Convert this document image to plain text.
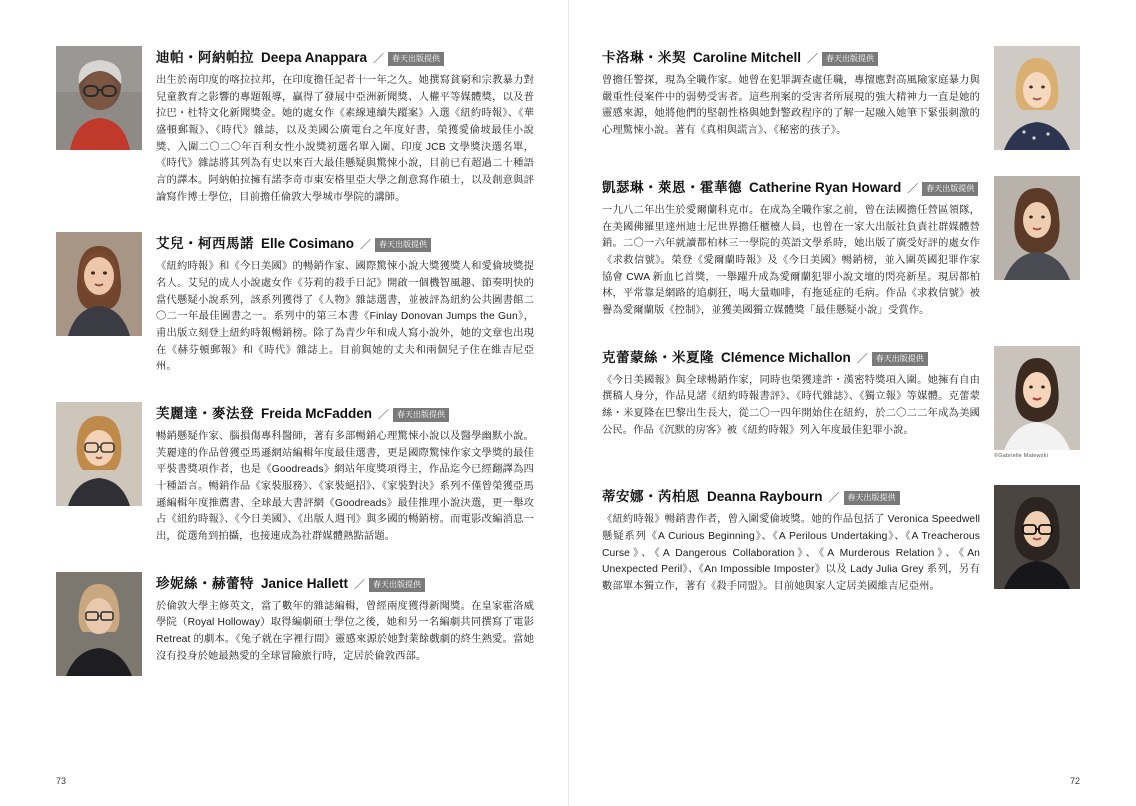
迪帕・阿納帕拉 Deepa Anappara ／	春天出版提供
出生於南印度的喀拉拉邦，在印度擔任記者十一年之久。她撰寫貧窮和宗教暴力對兒童教育之影響的專題報導，贏得了發展中亞洲新聞獎、人權平等媒體獎，以及普拉巴・杜特文化新聞獎金。她的處女作《素線連續失蹤案》入選《紐約時報》、《華盛頓郵報》、《時代》雜誌，以及美國公廣電台之年度好書，榮獲愛倫坡最佳小說獎、入圍二〇二〇年百利女性小說獎初選名單入圍、印度 JCB 文學獎決選名單，《時代》雜誌將其列為有史以來百大最佳懸疑與驚悚小說，目前已有超過二十種語言的譯本。阿納帕拉擁有諾李奇市東安格里亞大學之創意寫作碩士，以及創意與評論寫作博士學位，目前擔任倫敦大學城市學院的講師。
艾兒・柯西馬諾 Elle Cosimano ／	春天出版提供
《紐約時報》和《今日美國》的暢銷作家、國際驚悚小說大獎獲獎人和愛倫坡獎提名人。艾兒的成人小說處女作《芬莉的殺手日記》開啟一個機智風趣、節奏明快的當代懸疑小說系列，該系列獲得了《人物》雜誌選書，並被評為紐約公共圖書館二〇二一年最佳圖書之一。系列中的第三本書《Finlay Donovan Jumps the Gun》，甫出版立刻登上紐約時報暢銷榜。除了為青少年和成人寫小說外，她的文章也出現在《赫芬頓郵報》和《時代》雜誌上。目前與她的丈夫和兩個兒子住在維吉尼亞州。
芙麗達・麥法登 Freida McFadden ／	春天出版提供
暢銷懸疑作家、腦損傷專科醫師，著有多部暢銷心理驚悚小說以及醫學幽默小說。芙麗達的作品曾獲亞馬遜網站編輯年度最佳選書，更是國際驚悚作家文學獎的最佳平裝書獎項作者，也是《Goodreads》網站年度獎項得主，作品迄今已經翻譯為四十種語言。暢銷作品《家裝服務》、《家裝絕招》、《家裝對決》系列不僅曾榮獲亞馬遜編輯年度推薦書、全球最大書評網《Goodreads》最佳推理小說決選，更一舉攻占《紐約時報》、《今日美國》、《出版人週刊》與多國的暢銷榜。而電影改編消息一出，從選角到拍攝，也接連成為社群媒體熱點話題。
珍妮絲・赫蕾特 Janice Hallett ／	春天出版提供
於倫敦大學主修英文，當了數年的雜誌編輯，曾經兩度獲得新聞獎。在皇家霍洛威學院（Royal Holloway）取得編劇碩士學位之後，她和另一名編劇共同撰寫了電影 Retreat 的劇本。《兔子就在字裡行間》靈感來源於她對業餘戲劇的終生熱愛。當她沒有投身於她最熱愛的全球冒險旅行時，定居於倫敦西部。
73
卡洛琳・米契 Caroline Mitchell ／	春天出版提供
曾擔任警探，現為全職作家。她曾在犯罪調查處任職，專擅應對高風險家庭暴力與嚴重性侵案件中的弱勢受害者。這些刑案的受害者所展現的強大精神力一直是她的靈感來源，她將他們的堅韌性格與她對警政程序的了解一起融入她筆下緊張刺激的心理驚悚小說。著有《真相與謊言》、《秘密的孩子》。
凱瑟琳・萊恩・霍華德 Catherine Ryan Howard ／	春天出版提供
一九八二年出生於愛爾蘭科克市。在成為全職作家之前，曾在法國擔任營區領隊，在美國佛羅里達州迪士尼世界擔任櫃檯人員，也曾在一家大出版社負責社群媒體營銷。二〇一六年就讀都柏林三一學院的英語文學系時，她出版了廣受好評的處女作《求救信號》。榮登《愛爾蘭時報》及《今日美國》暢銷榜，並入圍英國犯罪作家協會 CWA 新血匕首獎，一舉躍升成為愛爾蘭犯罪小說文壇的閃亮新星。現居都柏林，平常靠是網路的追劇狂，喝大量咖啡，有拖延症的毛病。作品《求救信號》被譽為愛爾蘭版《控制》，並獲美國獨立媒體獎「最佳懸疑小說」受賞作。
©Gabrielle Malewski
克蕾蒙絲・米夏隆 Clémence Michallon ／	春天出版提供
《今日美國報》與全球暢銷作家，同時也榮獲達許・漢密特獎項入圍。她擁有自由撰稿人身分，作品見諸《紐約時報書評》、《時代雜誌》、《獨立報》等媒體。克蕾蒙絲・米夏隆在巴黎出生長大，從二〇一四年開始住在紐約，於二〇二二年成為美國公民。作品《沉默的房客》被《紐約時報》列入年度最佳犯罪小說。
蒂安娜・芮柏恩 Deanna Raybourn ／	春天出版提供
《紐約時報》暢銷書作者，曾入圍愛倫坡獎。她的作品包括了 Veronica Speedwell 懸疑系列《A Curious Beginning》、《A Perilous Undertaking》、《A Treacherous Curse》、《A Dangerous Collaboration》、《A Murderous Relation》、《An Unexpected Peril》、《An Impossible Imposter》以及 Lady Julia Grey 系列，另有數部單本獨立作，著有《殺手同盟》。目前她與家人定居美國維吉尼亞州。
72
